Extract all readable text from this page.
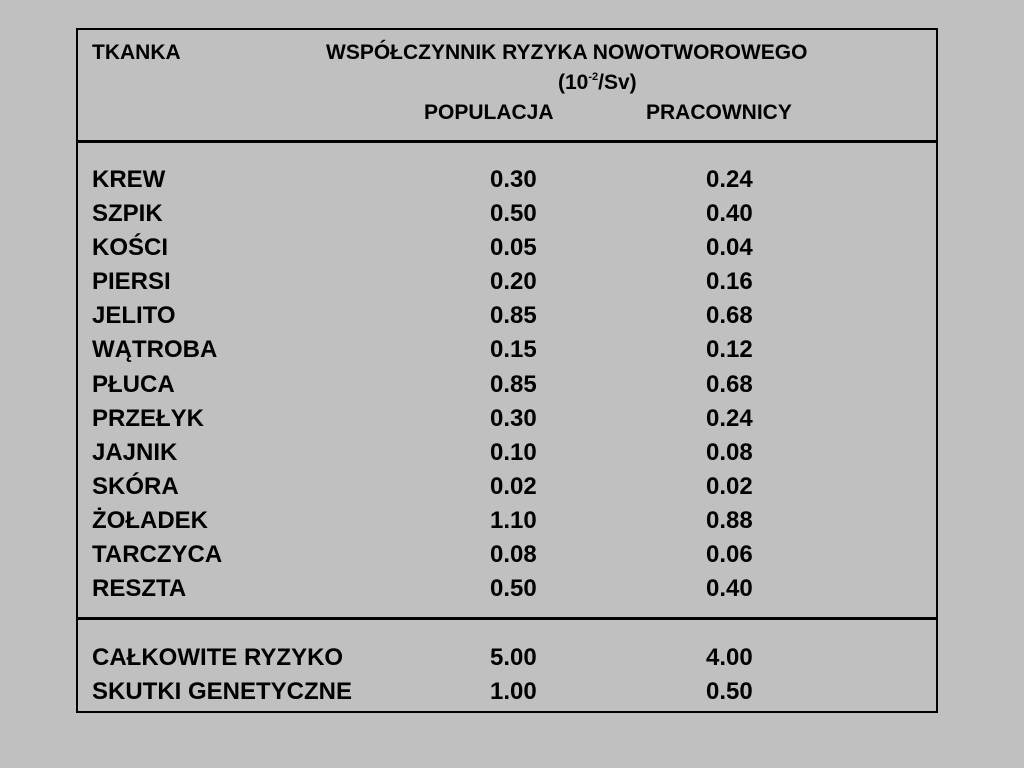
TKANKA	WSPÓŁCZYNNIK RYZYKA NOWOTWOROWEGO
$(10^{-2}/Sv)$
POPULACJA	PRACOWNICY
KREW	0.30	0.24
SZPIK	0.50	0.40
KOŚCI	0.05	0.04
PIERSI	0.20	0.16
JELITO	0.85	0.68
WĄTROBA	0.15	0.12
PŁUCA	0.85	0.68
PRZEŁYK	0.30	0.24
JAJNIK	0.10	0.08
SKÓRA	0.02	0.02
ŻOŁADEK	1.10	0.88
TARCZYCA	0.08	0.06
RESZTA	0.50	0.40
CAŁKOWITE RYZYKO	5.00	4.00
SKUTKI GENETYCZNE	1.00	0.50
